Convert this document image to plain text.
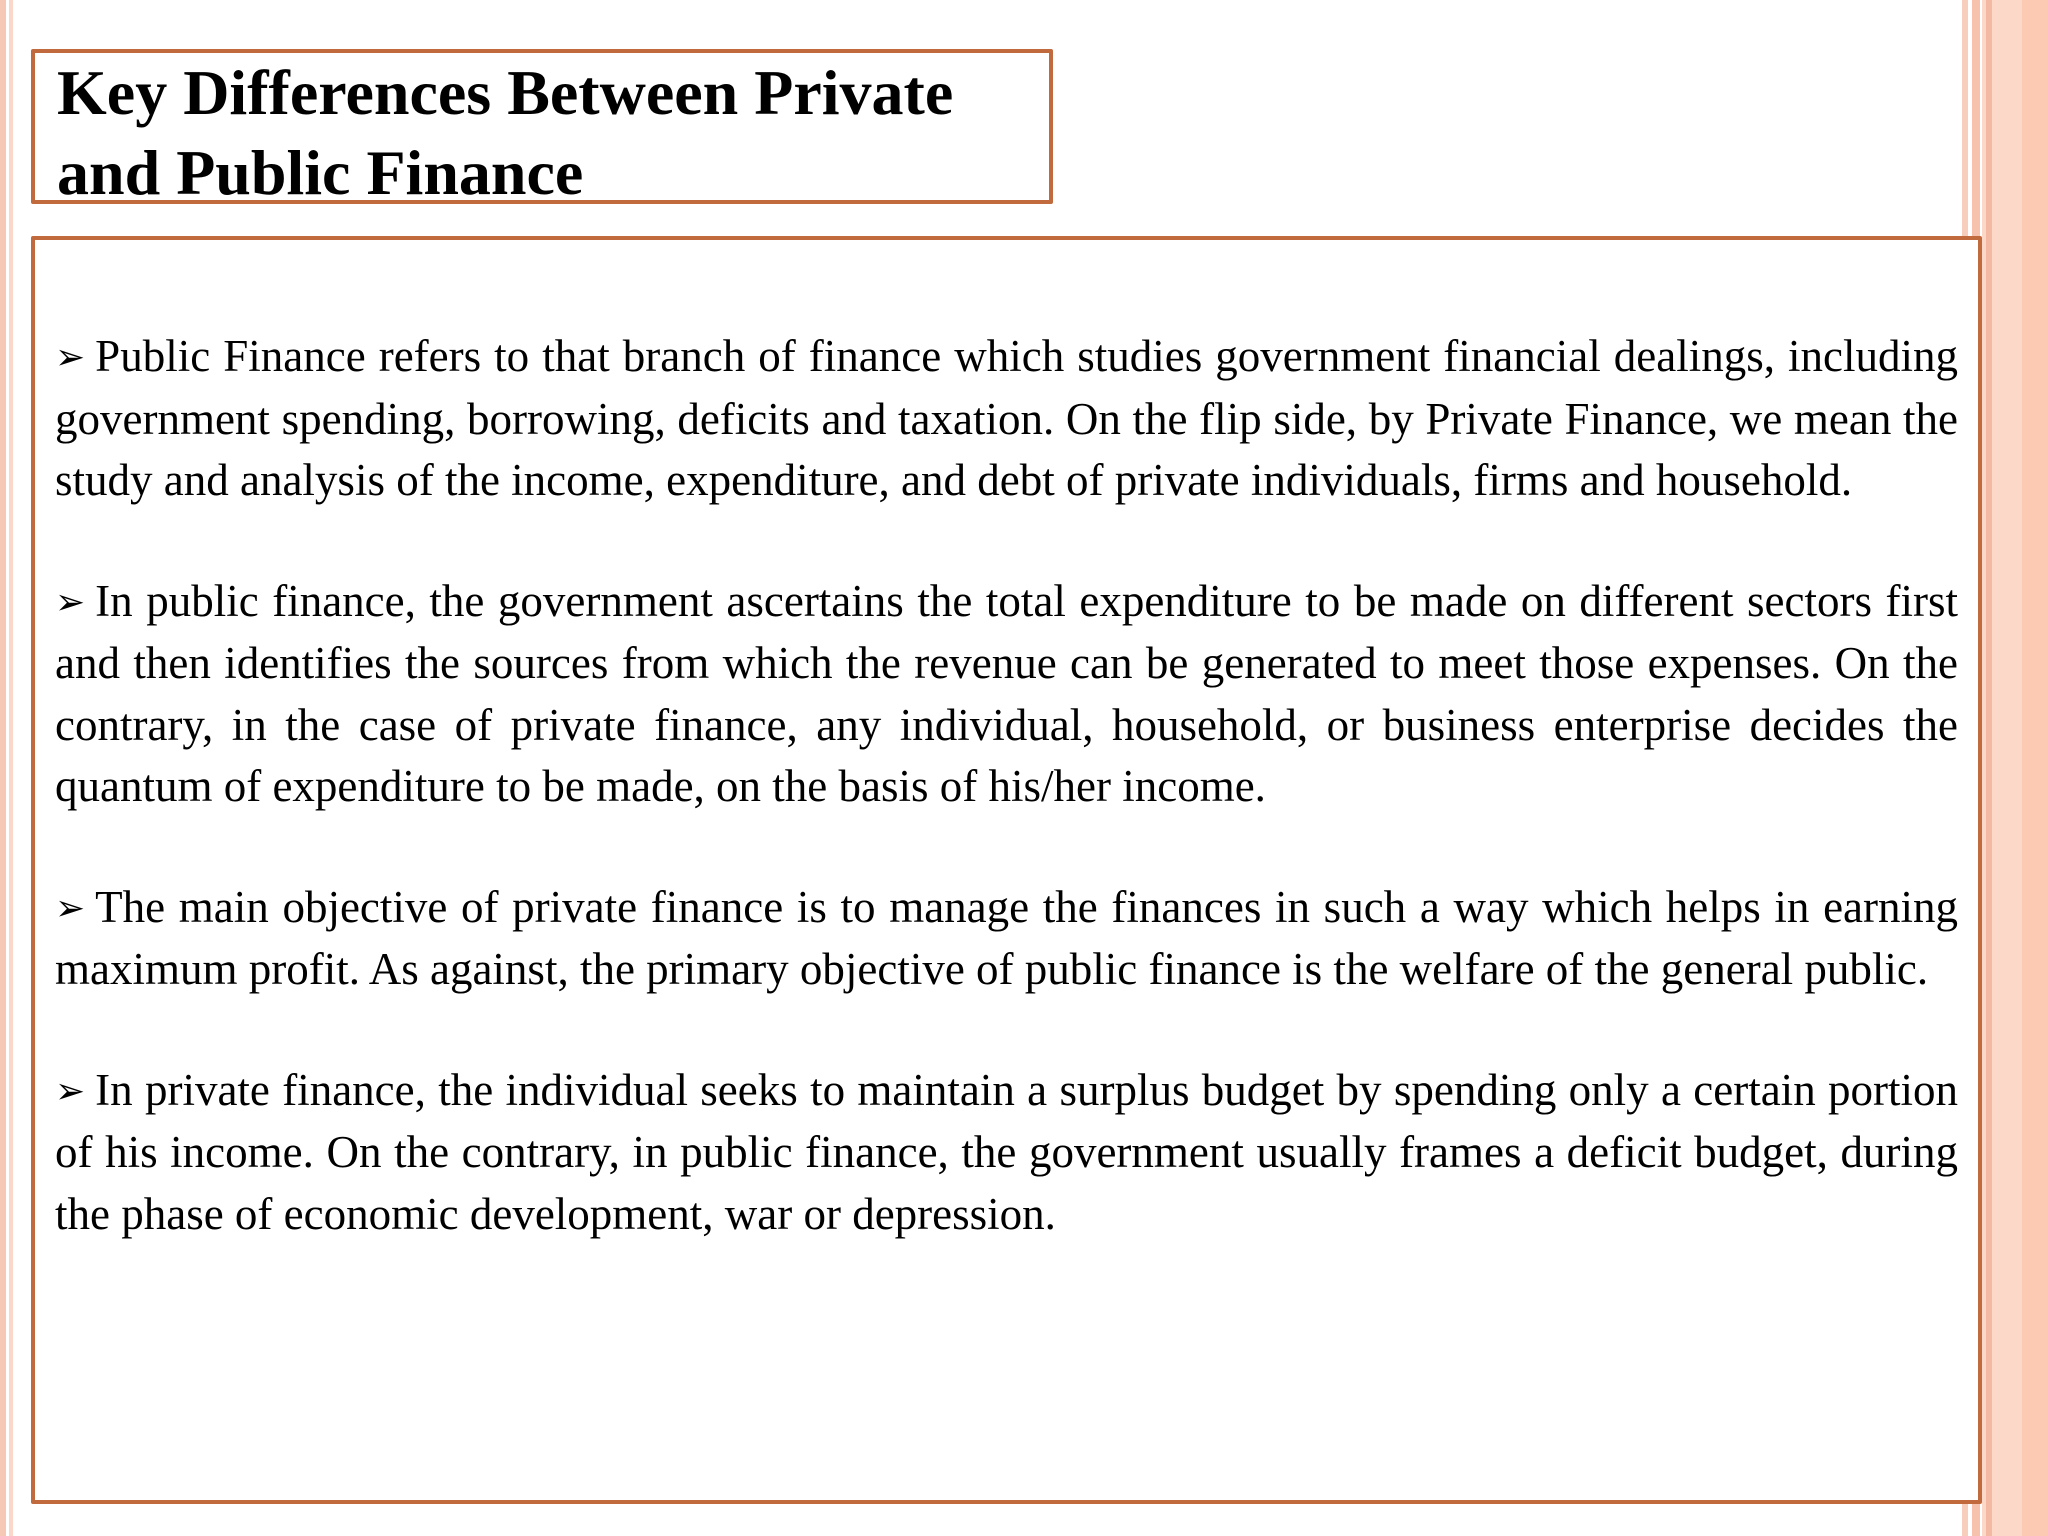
Key Differences Between Private and Public Finance

➢ Public Finance refers to that branch of finance which studies government financial dealings, including government spending, borrowing, deficits and taxation. On the flip side, by Private Finance, we mean the study and analysis of the income, expenditure, and debt of private individuals, firms and household.

➢ In public finance, the government ascertains the total expenditure to be made on different sectors first and then identifies the sources from which the revenue can be generated to meet those expenses. On the contrary, in the case of private finance, any individual, household, or business enterprise decides the quantum of expenditure to be made, on the basis of his/her income.

➢ The main objective of private finance is to manage the finances in such a way which helps in earning maximum profit. As against, the primary objective of public finance is the welfare of the general public.

➢ In private finance, the individual seeks to maintain a surplus budget by spending only a certain portion of his income. On the contrary, in public finance, the government usually frames a deficit budget, during the phase of economic development, war or depression.
